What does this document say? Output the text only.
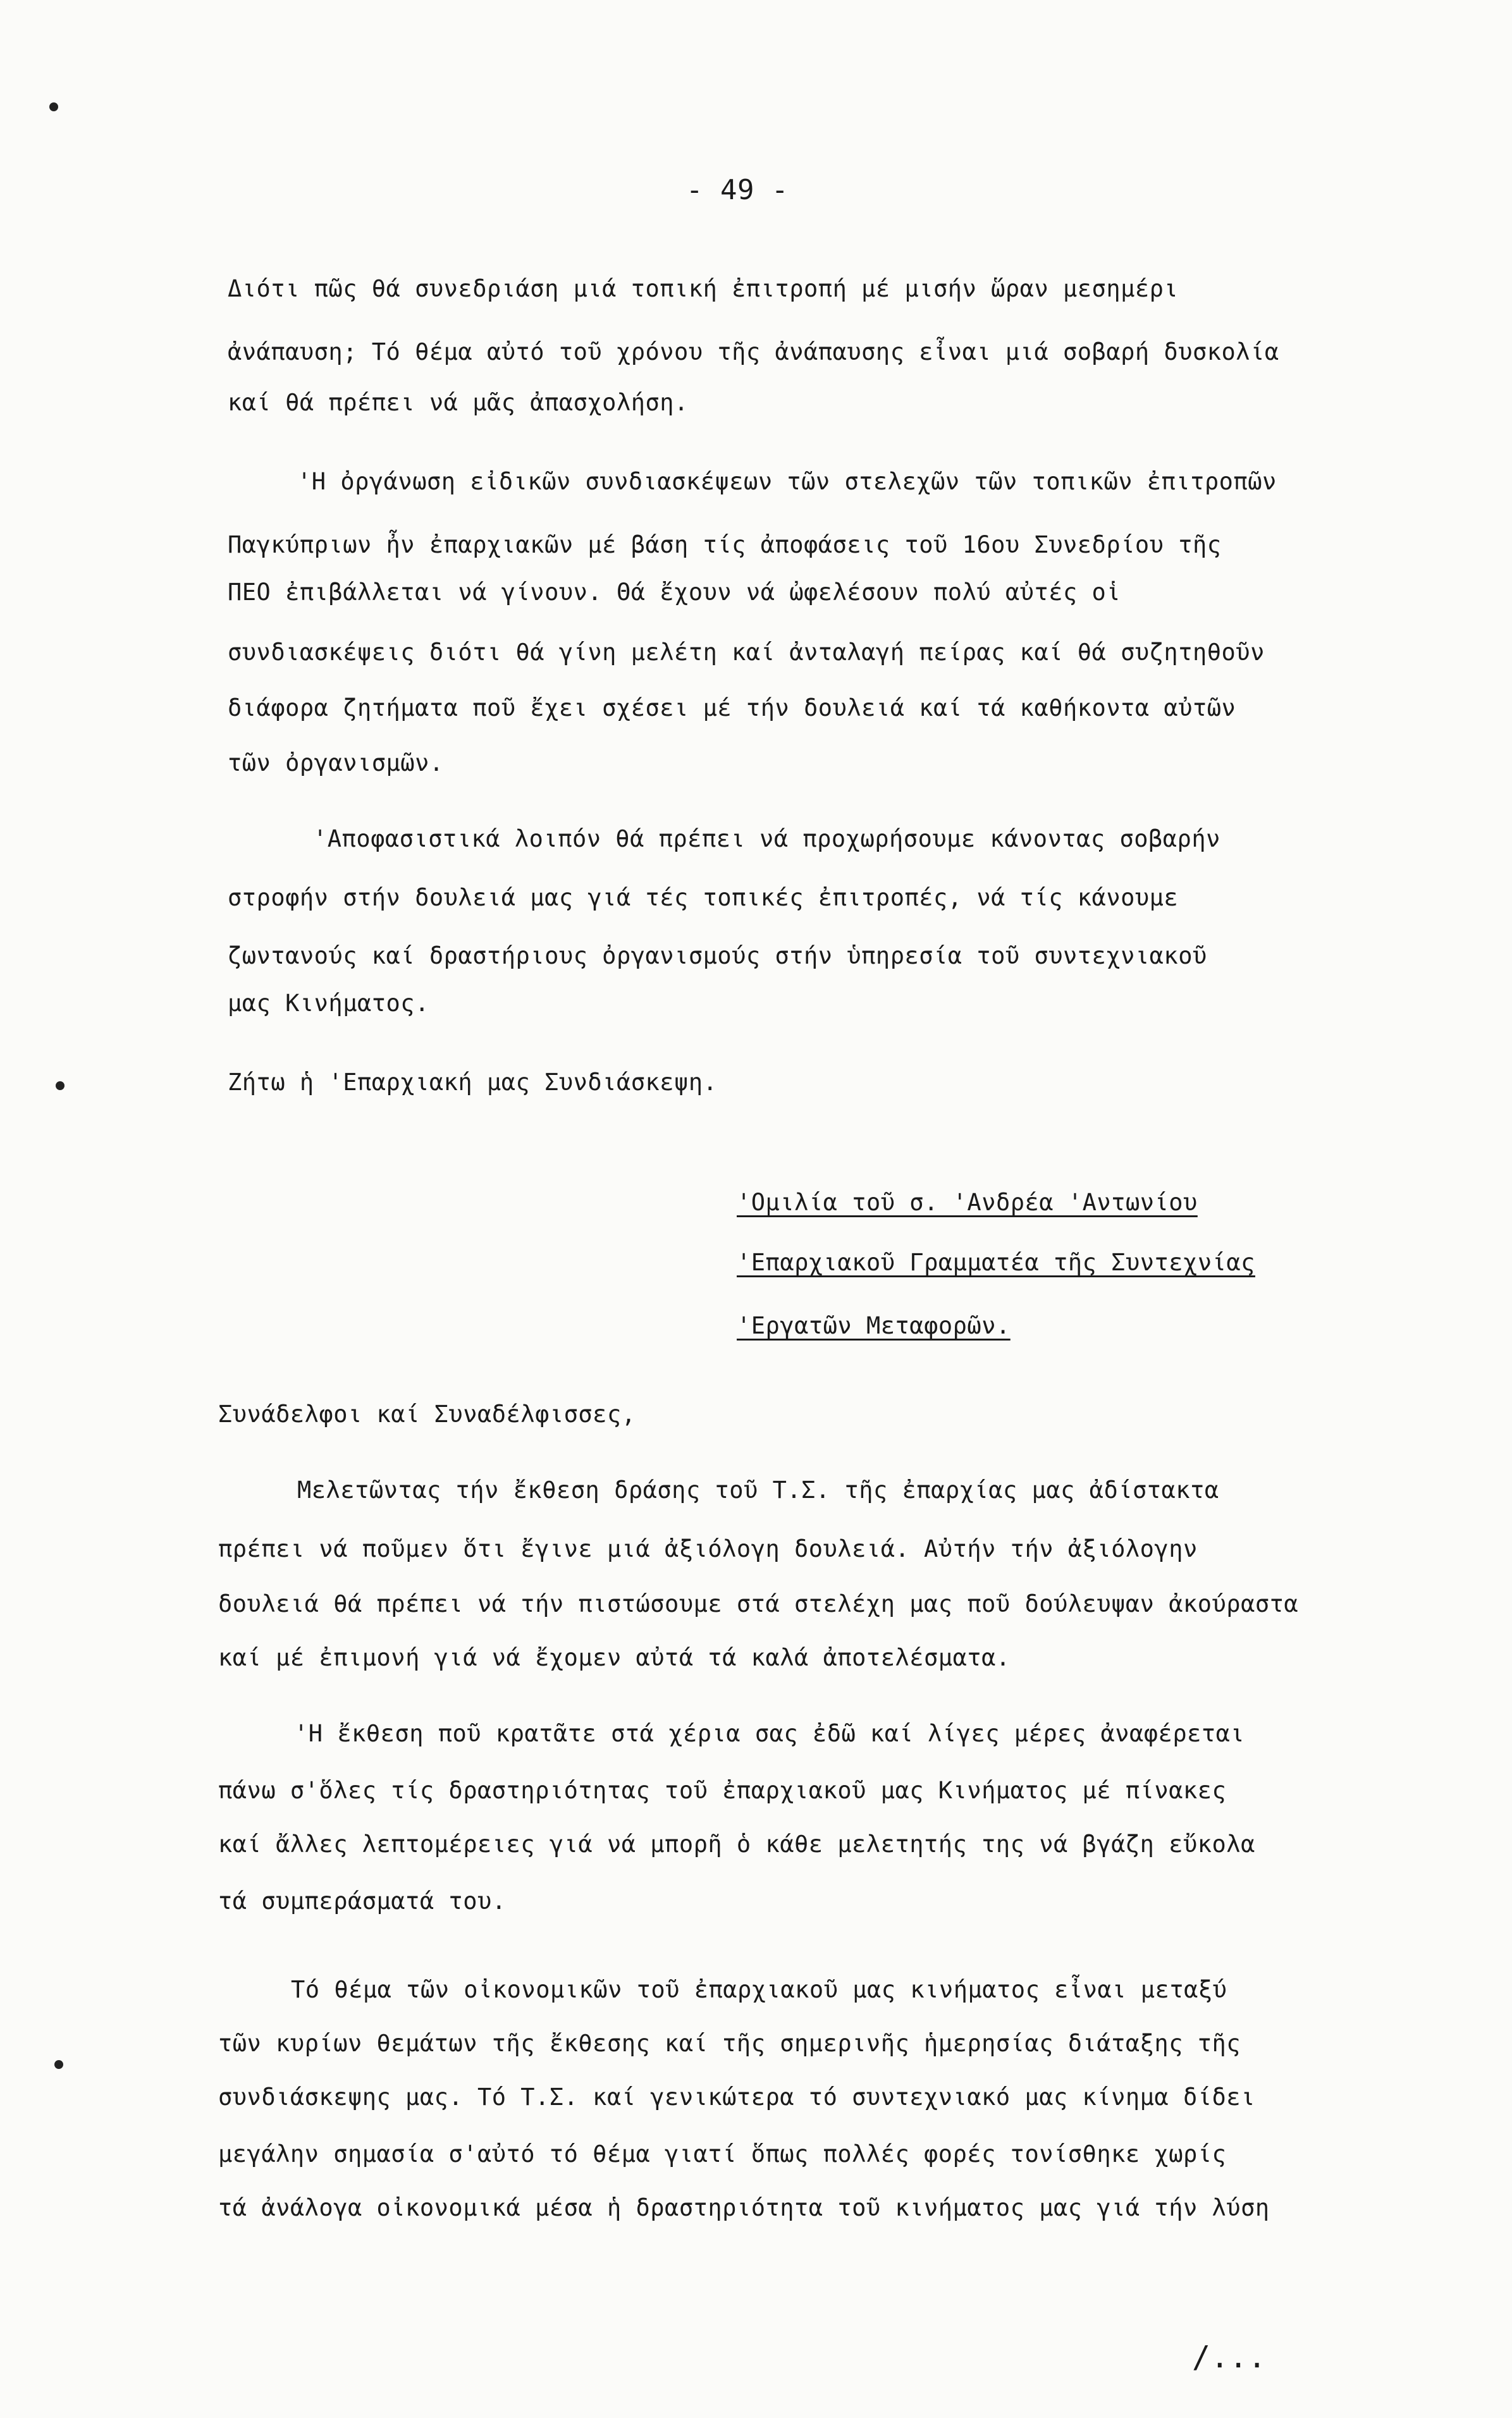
- 49 -
Διότι πῶς θά συνεδριάση μιά τοπική ἐπιτροπή μέ μισήν ὥραν μεσημέρι
ἀνάπαυση; Τό θέμα αὐτό τοῦ χρόνου τῆς ἀνάπαυσης εἶναι μιά σοβαρή δυσκολία
καί θά πρέπει νά μᾶς ἀπασχολήση.
'Η ὀργάνωση εἰδικῶν συνδιασκέψεων τῶν στελεχῶν τῶν τοπικῶν ἐπιτροπῶν
Παγκύπριων ἦν ἐπαρχιακῶν μέ βάση τίς ἀποφάσεις τοῦ 16ου Συνεδρίου τῆς
ΠΕΟ ἐπιβάλλεται νά γίνουν. Θά ἔχουν νά ὠφελέσουν πολύ αὐτές οἱ
συνδιασκέψεις διότι θά γίνη μελέτη καί ἀνταλαγή πείρας καί θά συζητηθοῦν
διάφορα ζητήματα ποῦ ἔχει σχέσει μέ τήν δουλειά καί τά καθήκοντα αὐτῶν
τῶν ὀργανισμῶν.
'Αποφασιστικά λοιπόν θά πρέπει νά προχωρήσουμε κάνοντας σοβαρήν
στροφήν στήν δουλειά μας γιά τές τοπικές ἐπιτροπές, νά τίς κάνουμε
ζωντανούς καί δραστήριους ὀργανισμούς στήν ὑπηρεσία τοῦ συντεχνιακοῦ
μας Κινήματος.
Ζήτω ἡ 'Επαρχιακή μας Συνδιάσκεψη.
'Ομιλία τοῦ σ. 'Ανδρέα 'Αντωνίου
'Επαρχιακοῦ Γραμματέα τῆς Συντεχνίας
'Εργατῶν Μεταφορῶν.
Συνάδελφοι καί Συναδέλφισσες,
Μελετῶντας τήν ἔκθεση δράσης τοῦ Τ.Σ. τῆς ἐπαρχίας μας ἀδίστακτα
πρέπει νά ποῦμεν ὅτι ἔγινε μιά ἀξιόλογη δουλειά. Αὐτήν τήν ἀξιόλογην
δουλειά θά πρέπει νά τήν πιστώσουμε στά στελέχη μας ποῦ δούλευψαν ἀκούραστα
καί μέ ἐπιμονή γιά νά ἔχομεν αὐτά τά καλά ἀποτελέσματα.
'Η ἔκθεση ποῦ κρατᾶτε στά χέρια σας ἐδῶ καί λίγες μέρες ἀναφέρεται
πάνω σ'ὅλες τίς δραστηριότητας τοῦ ἐπαρχιακοῦ μας Κινήματος μέ πίνακες
καί ἄλλες λεπτομέρειες γιά νά μπορῆ ὁ κάθε μελετητής της νά βγάζη εὔκολα
τά συμπεράσματά του.
Τό θέμα τῶν οἰκονομικῶν τοῦ ἐπαρχιακοῦ μας κινήματος εἶναι μεταξύ
τῶν κυρίων θεμάτων τῆς ἔκθεσης καί τῆς σημερινῆς ἡμερησίας διάταξης τῆς
συνδιάσκεψης μας. Τό Τ.Σ. καί γενικώτερα τό συντεχνιακό μας κίνημα δίδει
μεγάλην σημασία σ'αὐτό τό θέμα γιατί ὅπως πολλές φορές τονίσθηκε χωρίς
τά ἀνάλογα οἰκονομικά μέσα ἡ δραστηριότητα τοῦ κινήματος μας γιά τήν λύση
/...
